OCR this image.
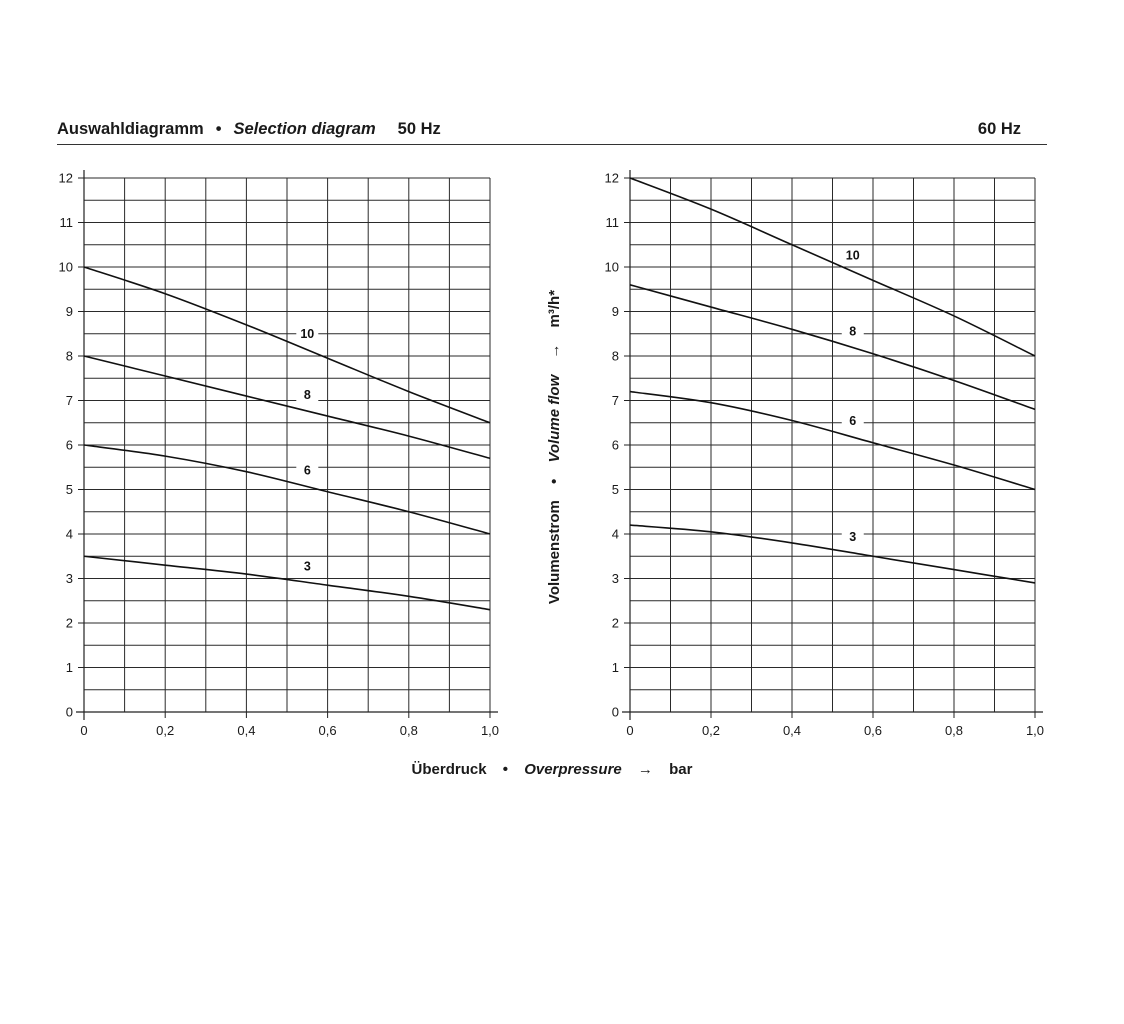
Auswahldiagramm • Selection diagram 50 Hz	60 Hz
0
1
2
3
4
5
6
7
8
9
10
11
12
0	0,2	0,4	0,6	0,8	1,0
10
8
6
3
0
1
2
3
4
5
6
7
8
9
10
11
12
0	0,2	0,4	0,6	0,8	1,0
10
8
6
3
Volumenstrom • Volume flow → m³/h*
Überdruck • Overpressure → bar
